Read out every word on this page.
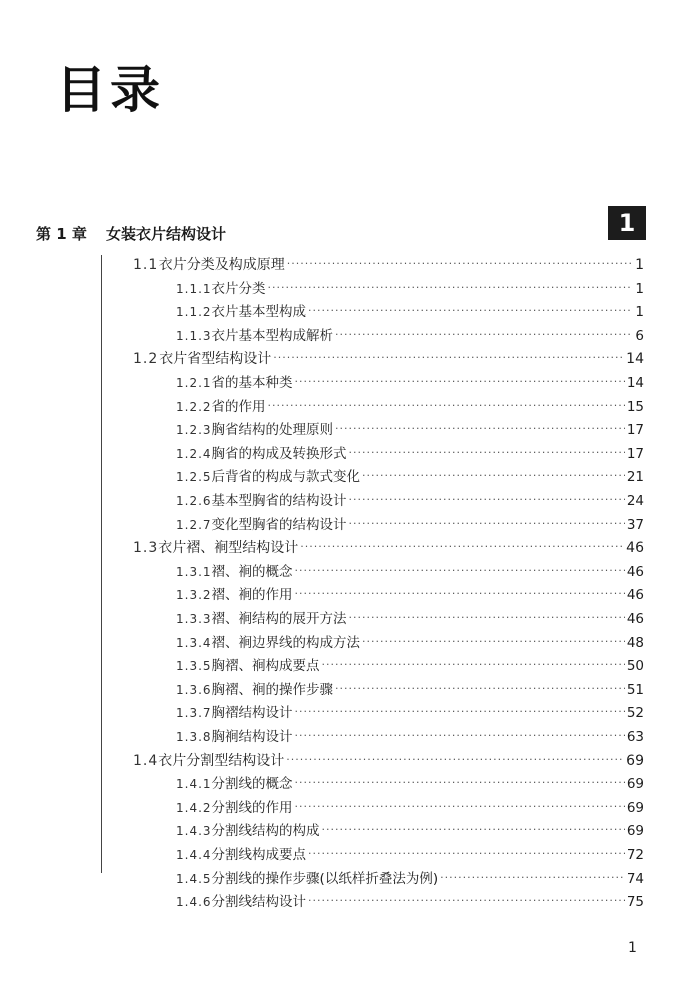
目录
第 1 章 女装衣片结构设计	1
1.1 衣片分类及构成原理 ·····	1
1.1.1 衣片分类 ·····	1
1.1.2 衣片基本型构成 ·····	1
1.1.3 衣片基本型构成解析 ·····	6
1.2 衣片省型结构设计 ·····	14
1.2.1 省的基本种类 ·····	14
1.2.2 省的作用 ·····	15
1.2.3 胸省结构的处理原则 ·····	17
1.2.4 胸省的构成及转换形式 ·····	17
1.2.5 后背省的构成与款式变化 ·····	21
1.2.6 基本型胸省的结构设计 ·····	24
1.2.7 变化型胸省的结构设计 ·····	37
1.3 衣片褶、裥型结构设计 ·····	46
1.3.1 褶、裥的概念 ·····	46
1.3.2 褶、裥的作用 ·····	46
1.3.3 褶、裥结构的展开方法 ·····	46
1.3.4 褶、裥边界线的构成方法 ·····	48
1.3.5 胸褶、裥构成要点 ·····	50
1.3.6 胸褶、裥的操作步骤 ·····	51
1.3.7 胸褶结构设计 ·····	52
1.3.8 胸裥结构设计 ·····	63
1.4 衣片分割型结构设计 ·····	69
1.4.1 分割线的概念 ·····	69
1.4.2 分割线的作用 ·····	69
1.4.3 分割线结构的构成 ·····	69
1.4.4 分割线构成要点 ·····	72
1.4.5 分割线的操作步骤(以纸样折叠法为例) ·····	74
1.4.6 分割线结构设计 ·····	75
1
